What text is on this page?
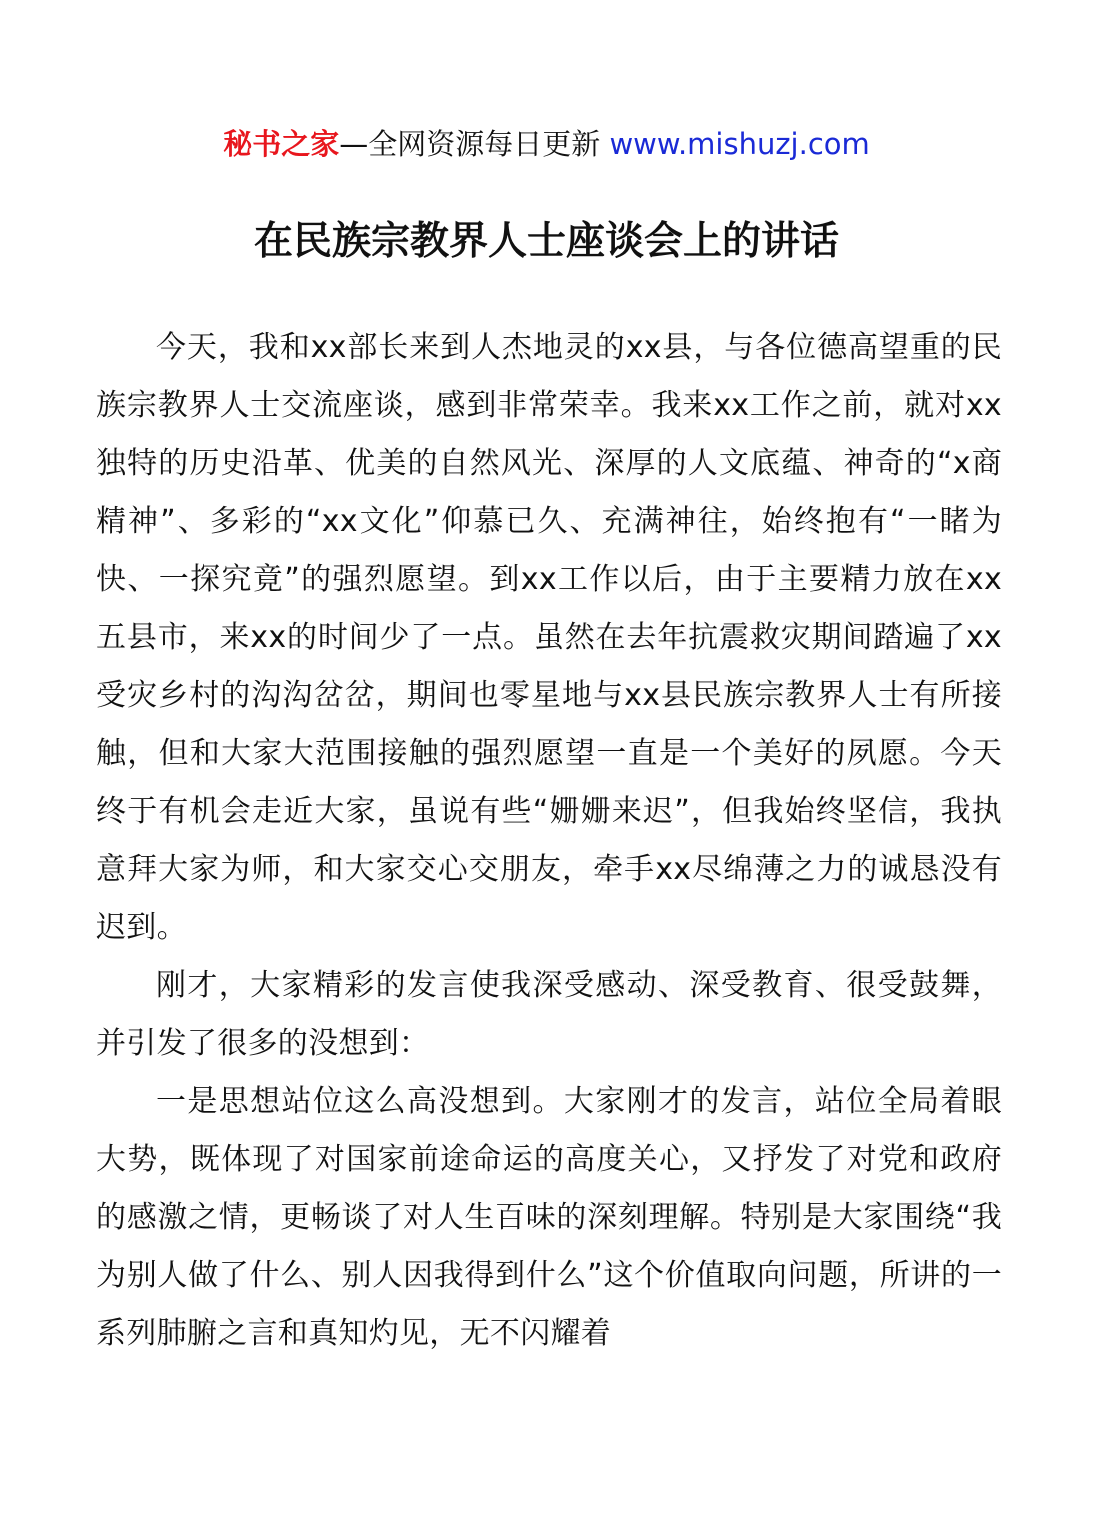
秘书之家—全网资源每日更新 www.mishuzj.com
在民族宗教界人士座谈会上的讲话

今天，我和xx部长来到人杰地灵的xx县，与各位德高望重的民族宗教界人士交流座谈，感到非常荣幸。我来xx工作之前，就对xx独特的历史沿革、优美的自然风光、深厚的人文底蕴、神奇的“x商精神”、多彩的“xx文化”仰慕已久、充满神往，始终抱有“一睹为快、一探究竟”的强烈愿望。到xx工作以后，由于主要精力放在xx五县市，来xx的时间少了一点。虽然在去年抗震救灾期间踏遍了xx受灾乡村的沟沟岔岔，期间也零星地与xx县民族宗教界人士有所接触，但和大家大范围接触的强烈愿望一直是一个美好的夙愿。今天终于有机会走近大家，虽说有些“姗姗来迟”，但我始终坚信，我执意拜大家为师，和大家交心交朋友，牵手xx尽绵薄之力的诚恳没有迟到。

刚才，大家精彩的发言使我深受感动、深受教育、很受鼓舞，并引发了很多的没想到：

一是思想站位这么高没想到。大家刚才的发言，站位全局着眼大势，既体现了对国家前途命运的高度关心，又抒发了对党和政府的感激之情，更畅谈了对人生百味的深刻理解。特别是大家围绕“我为别人做了什么、别人因我得到什么”这个价值取向问题，所讲的一系列肺腑之言和真知灼见，无不闪耀着
